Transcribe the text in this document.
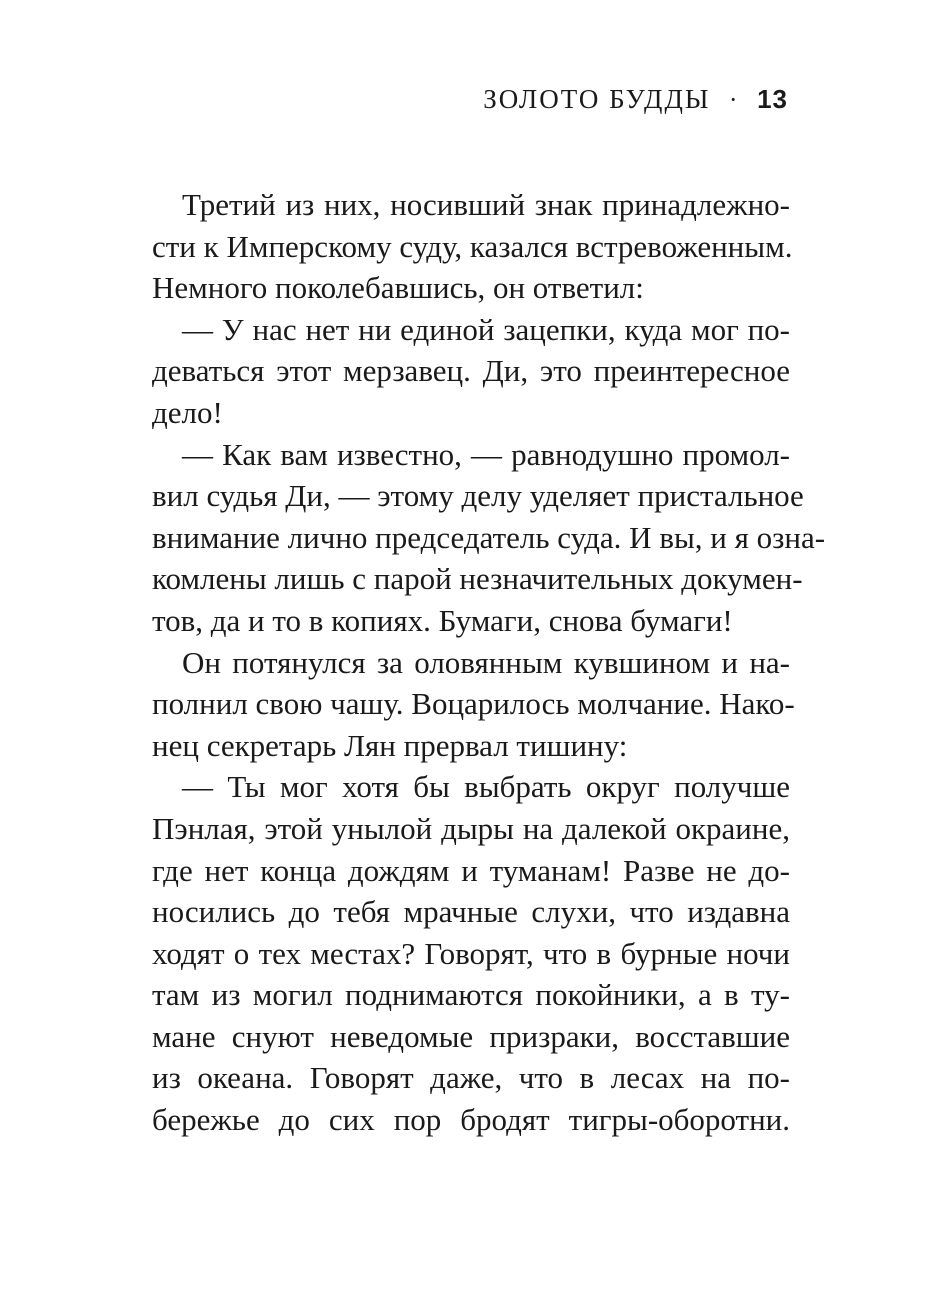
ЗОЛОТО БУДДЫ · 13
Третий из них, носивший знак принадлежно-
сти к Имперскому суду, казался встревоженным.
Немного поколебавшись, он ответил:
— У нас нет ни единой зацепки, куда мог по-
деваться этот мерзавец. Ди, это преинтересное
дело!
— Как вам известно, — равнодушно промол-
вил судья Ди, — этому делу уделяет пристальное
внимание лично председатель суда. И вы, и я озна-
комлены лишь с парой незначительных докумен-
тов, да и то в копиях. Бумаги, снова бумаги!
Он потянулся за оловянным кувшином и на-
полнил свою чашу. Воцарилось молчание. Нако-
нец секретарь Лян прервал тишину:
— Ты мог хотя бы выбрать округ получше
Пэнлая, этой унылой дыры на далекой окраине,
где нет конца дождям и туманам! Разве не до-
носились до тебя мрачные слухи, что издавна
ходят о тех местах? Говорят, что в бурные ночи
там из могил поднимаются покойники, а в ту-
мане снуют неведомые призраки, восставшие
из океана. Говорят даже, что в лесах на по-
бережье до сих пор бродят тигры-оборотни.
